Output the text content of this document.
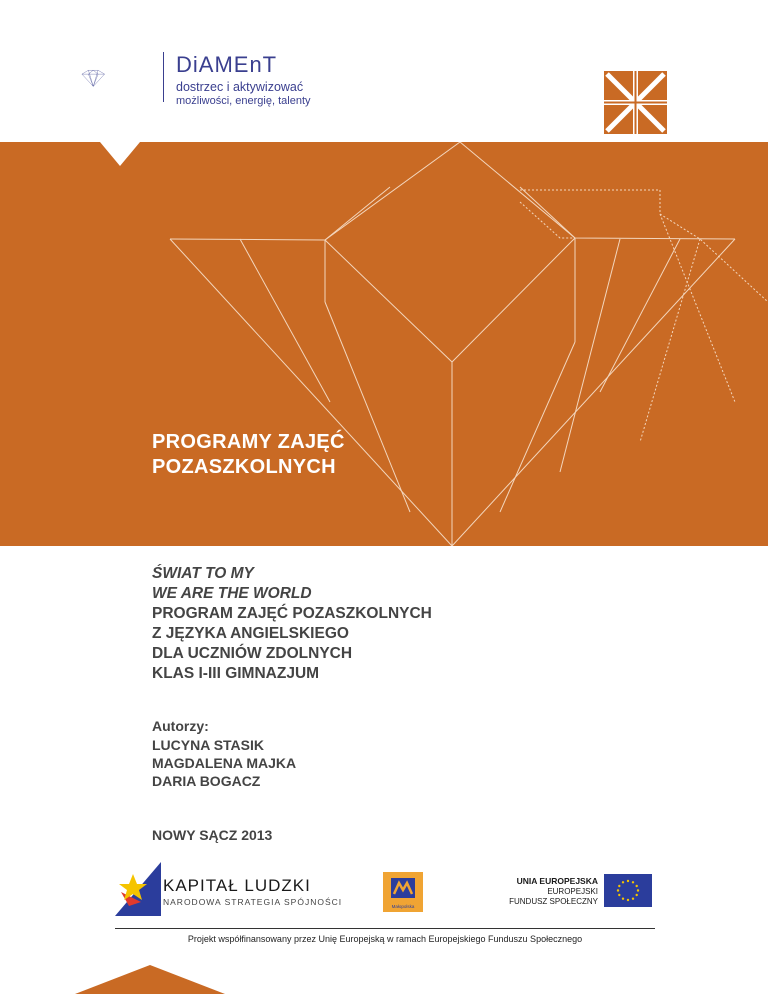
DiAMEnT
dostrzec i aktywizować
możliwości, energię, talenty
PROGRAMY ZAJĘĆ
POZASZKOLNYCH
ŚWIAT TO MY
WE ARE THE WORLD
PROGRAM ZAJĘĆ POZASZKOLNYCH
Z JĘZYKA ANGIELSKIEGO
DLA UCZNIÓW ZDOLNYCH
KLAS I-III GIMNAZJUM
Autorzy:
LUCYNA STASIK
MAGDALENA MAJKA
DARIA BOGACZ
NOWY SĄCZ 2013
KAPITAŁ LUDZKI
NARODOWA STRATEGIA SPÓJNOŚCI	Małopolska
UNIA EUROPEJSKA
EUROPEJSKI
FUNDUSZ SPOŁECZNY
Projekt współfinansowany przez Unię Europejską w ramach Europejskiego Funduszu Społecznego
